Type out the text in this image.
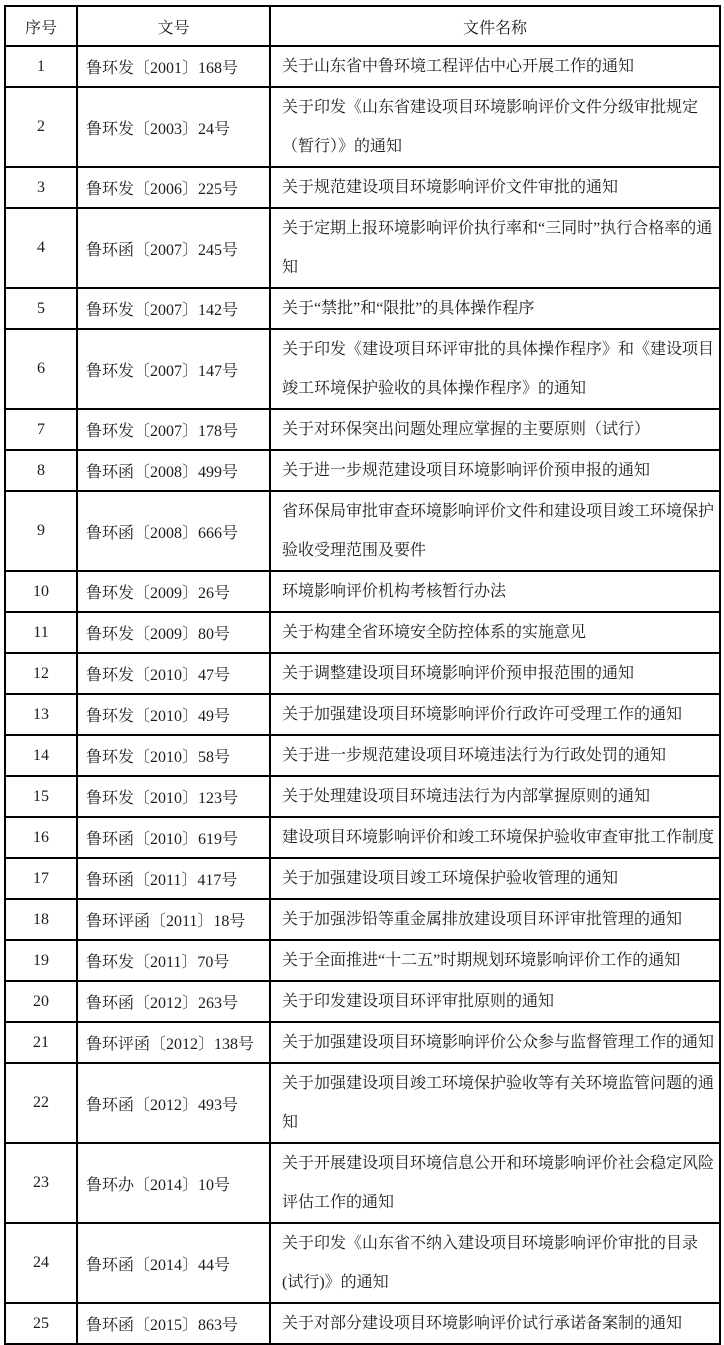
序号	文号	文件名称
1	鲁环发〔2001〕168号	关于山东省中鲁环境工程评估中心开展工作的通知
2	鲁环发〔2003〕24号	关于印发《山东省建设项目环境影响评价文件分级审批规定（暂行）》的通知
3	鲁环发〔2006〕225号	关于规范建设项目环境影响评价文件审批的通知
4	鲁环函〔2007〕245号	关于定期上报环境影响评价执行率和“三同时”执行合格率的通知
5	鲁环发〔2007〕142号	关于“禁批”和“限批”的具体操作程序
6	鲁环发〔2007〕147号	关于印发《建设项目环评审批的具体操作程序》和《建设项目竣工环境保护验收的具体操作程序》的通知
7	鲁环发〔2007〕178号	关于对环保突出问题处理应掌握的主要原则（试行）
8	鲁环函〔2008〕499号	关于进一步规范建设项目环境影响评价预申报的通知
9	鲁环函〔2008〕666号	省环保局审批审查环境影响评价文件和建设项目竣工环境保护验收受理范围及要件
10	鲁环发〔2009〕26号	环境影响评价机构考核暂行办法
11	鲁环发〔2009〕80号	关于构建全省环境安全防控体系的实施意见
12	鲁环发〔2010〕47号	关于调整建设项目环境影响评价预申报范围的通知
13	鲁环发〔2010〕49号	关于加强建设项目环境影响评价行政许可受理工作的通知
14	鲁环发〔2010〕58号	关于进一步规范建设项目环境违法行为行政处罚的通知
15	鲁环发〔2010〕123号	关于处理建设项目环境违法行为内部掌握原则的通知
16	鲁环函〔2010〕619号	建设项目环境影响评价和竣工环境保护验收审查审批工作制度
17	鲁环函〔2011〕417号	关于加强建设项目竣工环境保护验收管理的通知
18	鲁环评函〔2011〕18号	关于加强涉铅等重金属排放建设项目环评审批管理的通知
19	鲁环发〔2011〕70号	关于全面推进“十二五”时期规划环境影响评价工作的通知
20	鲁环函〔2012〕263号	关于印发建设项目环评审批原则的通知
21	鲁环评函〔2012〕138号	关于加强建设项目环境影响评价公众参与监督管理工作的通知
22	鲁环函〔2012〕493号	关于加强建设项目竣工环境保护验收等有关环境监管问题的通知
23	鲁环办〔2014〕10号	关于开展建设项目环境信息公开和环境影响评价社会稳定风险评估工作的通知
24	鲁环函〔2014〕44号	关于印发《山东省不纳入建设项目环境影响评价审批的目录(试行)》的通知
25	鲁环函〔2015〕863号	关于对部分建设项目环境影响评价试行承诺备案制的通知
